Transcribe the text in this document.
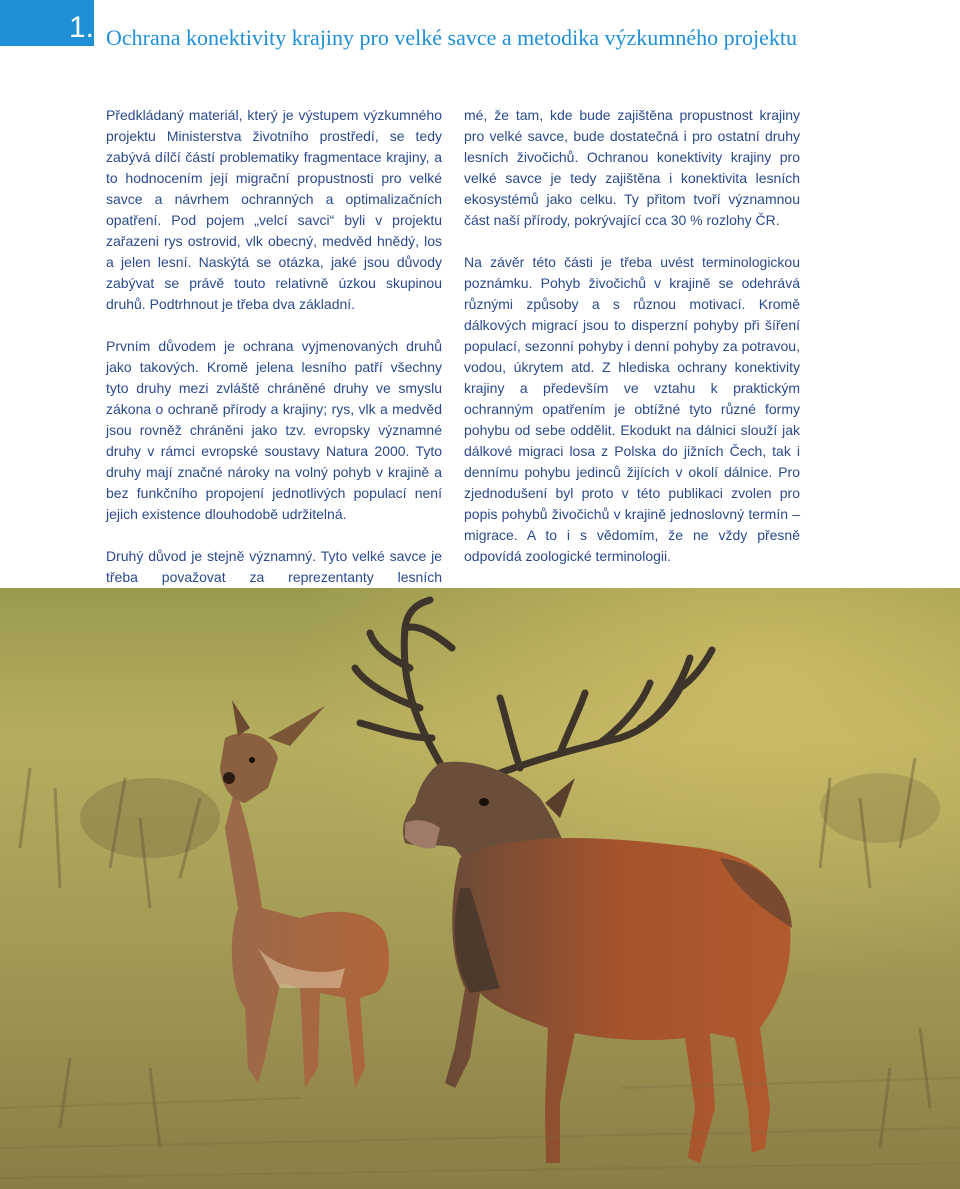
1. Ochrana konektivity krajiny pro velké savce a metodika výzkumného projektu

Předkládaný materiál, který je výstupem výzkumného projektu Ministerstva životního prostředí, se tedy zabývá dílčí částí problematiky fragmentace krajiny, a to hodnocením její migrační propustnosti pro velké savce a návrhem ochranných a optimalizačních opatření. Pod pojem „velcí savci“ byli v projektu zařazeni rys ostrovid, vlk obecný, medvěd hnědý, los a jelen lesní. Naskýtá se otázka, jaké jsou důvody zabývat se právě touto relativně úzkou skupinou druhů. Podtrhnout je třeba dva základní.

Prvním důvodem je ochrana vyjmenovaných druhů jako takových. Kromě jelena lesního patří všechny tyto druhy mezi zvláště chráněné druhy ve smyslu zákona o ochraně přírody a krajiny; rys, vlk a medvěd jsou rovněž chráněni jako tzv. evropsky významné druhy v rámci evropské soustavy Natura 2000. Tyto druhy mají značné nároky na volný pohyb v krajině a bez funkčního propojení jednotlivých populací není jejich existence dlouhodobě udržitelná.

Druhý důvod je stejně významný. Tyto velké savce je třeba považovat za reprezentanty lesních

mé, že tam, kde bude zajištěna propustnost krajiny pro velké savce, bude dostatečná i pro ostatní druhy lesních živočichů. Ochranou konektivity krajiny pro velké savce je tedy zajištěna i konektivita lesních ekosystémů jako celku. Ty přitom tvoří významnou část naší přírody, pokrývající cca 30 % rozlohy ČR.

Na závěr této části je třeba uvést terminologickou poznámku. Pohyb živočichů v krajině se odehrává různými způsoby a s různou motivací. Kromě dálkových migrací jsou to disperzní pohyby při šíření populací, sezonní pohyby i denní pohyby za potravou, vodou, úkrytem atd. Z hlediska ochrany konektivity krajiny a především ve vztahu k praktickým ochranným opatřením je obtížné tyto různé formy pohybu od sebe oddělit. Ekodukt na dálnici slouží jak dálkové migraci losa z Polska do jižních Čech, tak i dennímu pohybu jedinců žijících v okolí dálnice. Pro zjednodušení byl proto v této publikaci zvolen pro popis pohybů živočichů v krajině jednoslovný termín – migrace. A to i s vědomím, že ne vždy přesně odpovídá zoologické terminologii.
